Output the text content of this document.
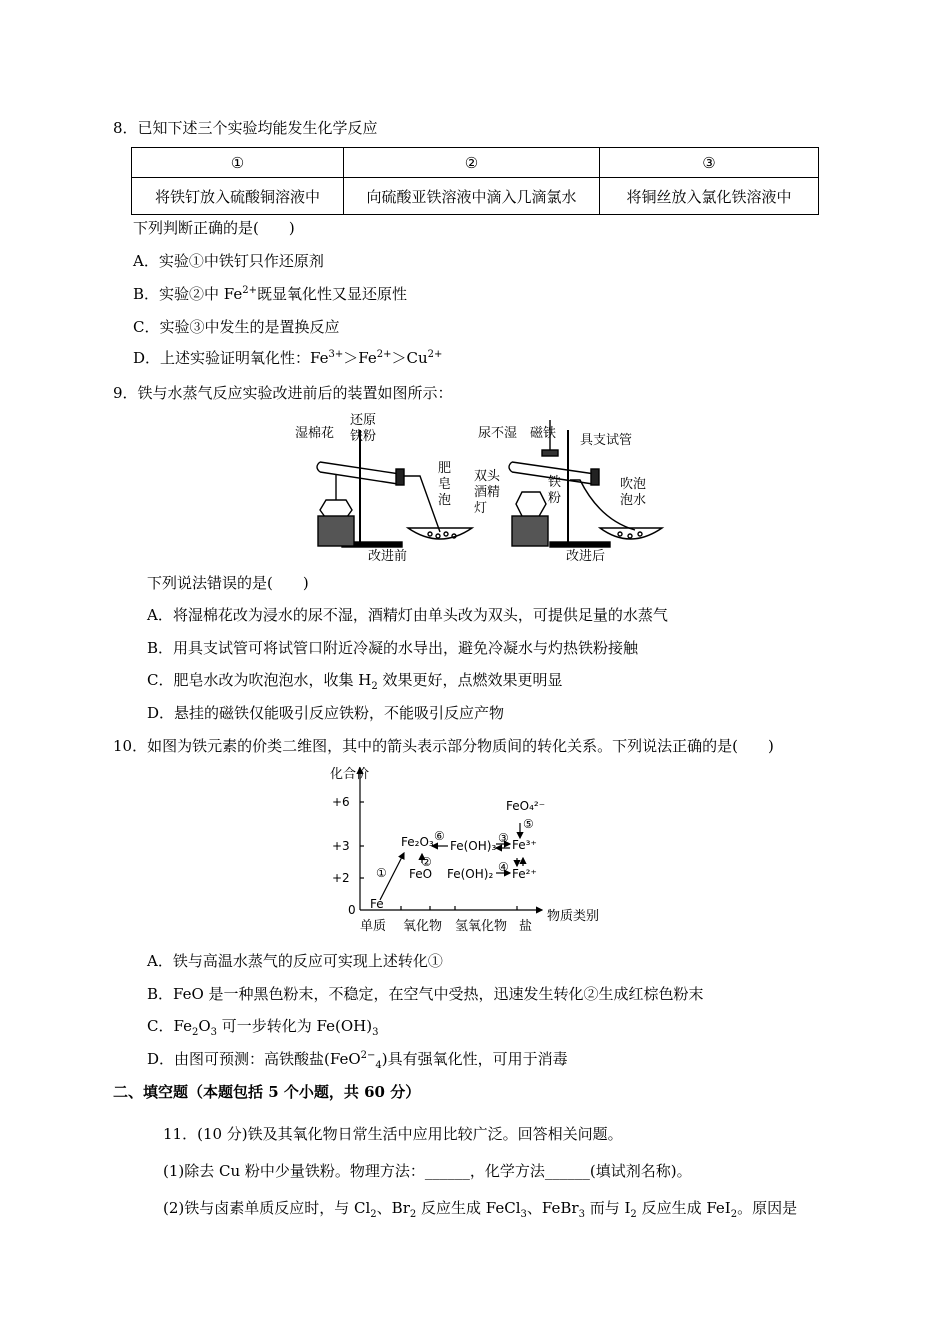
8．已知下述三个实验均能发生化学反应
①	②	③
将铁钉放入硫酸铜溶液中	向硫酸亚铁溶液中滴入几滴氯水	将铜丝放入氯化铁溶液中
下列判断正确的是(　　)
A．实验①中铁钉只作还原剂
B．实验②中 $Fe^{2+}$既显氧化性又显还原性
C．实验③中发生的是置换反应
D．上述实验证明氧化性：$Fe^{3+}>Fe^{2+}>Cu^{2+}$
9．铁与水蒸气反应实验改进前后的装置如图所示：
湿棉花
还原
铁粉
肥
皂
泡
改进前
尿不湿 磁铁 具支试管
双头
酒精
灯
铁
粉
吹泡
泡水
改进后
下列说法错误的是(　　)
A．将湿棉花改为浸水的尿不湿，酒精灯由单头改为双头，可提供足量的水蒸气
B．用具支试管可将试管口附近冷凝的水导出，避免冷凝水与灼热铁粉接触
C．肥皂水改为吹泡泡水，收集 $H_2$ 效果更好，点燃效果更明显
D．悬挂的磁铁仅能吸引反应铁粉，不能吸引反应产物
10．如图为铁元素的价类二维图，其中的箭头表示部分物质间的转化关系。下列说法正确的是(　　)
化合价
+6
+3
+2
0
单质 氧化物 氢氧化物 盐
物质类别
Fe
FeO
Fe₂O₃ Fe(OH)₃
Fe(OH)₂
Fe³⁺
Fe²⁺
FeO₄²⁻
①
②
③
④
⑤
⑥
A．铁与高温水蒸气的反应可实现上述转化①
B．FeO 是一种黑色粉末，不稳定，在空气中受热，迅速发生转化②生成红棕色粉末
C．$Fe_2O_3$ 可一步转化为 $Fe(OH)_3$
D．由图可预测：高铁酸盐(FeO$^{2-}_4$)具有强氧化性，可用于消毒
二、填空题（本题包括 5 个小题，共 60 分）
11．(10 分)铁及其氧化物日常生活中应用比较广泛。回答相关问题。
(1)除去 Cu 粉中少量铁粉。物理方法：______，化学方法______(填试剂名称)。
(2)铁与卤素单质反应时，与 $Cl_2$、$Br_2$ 反应生成 FeCl$_3$、FeBr$_3$ 而与 $I_2$ 反应生成 FeI$_2$。原因是
